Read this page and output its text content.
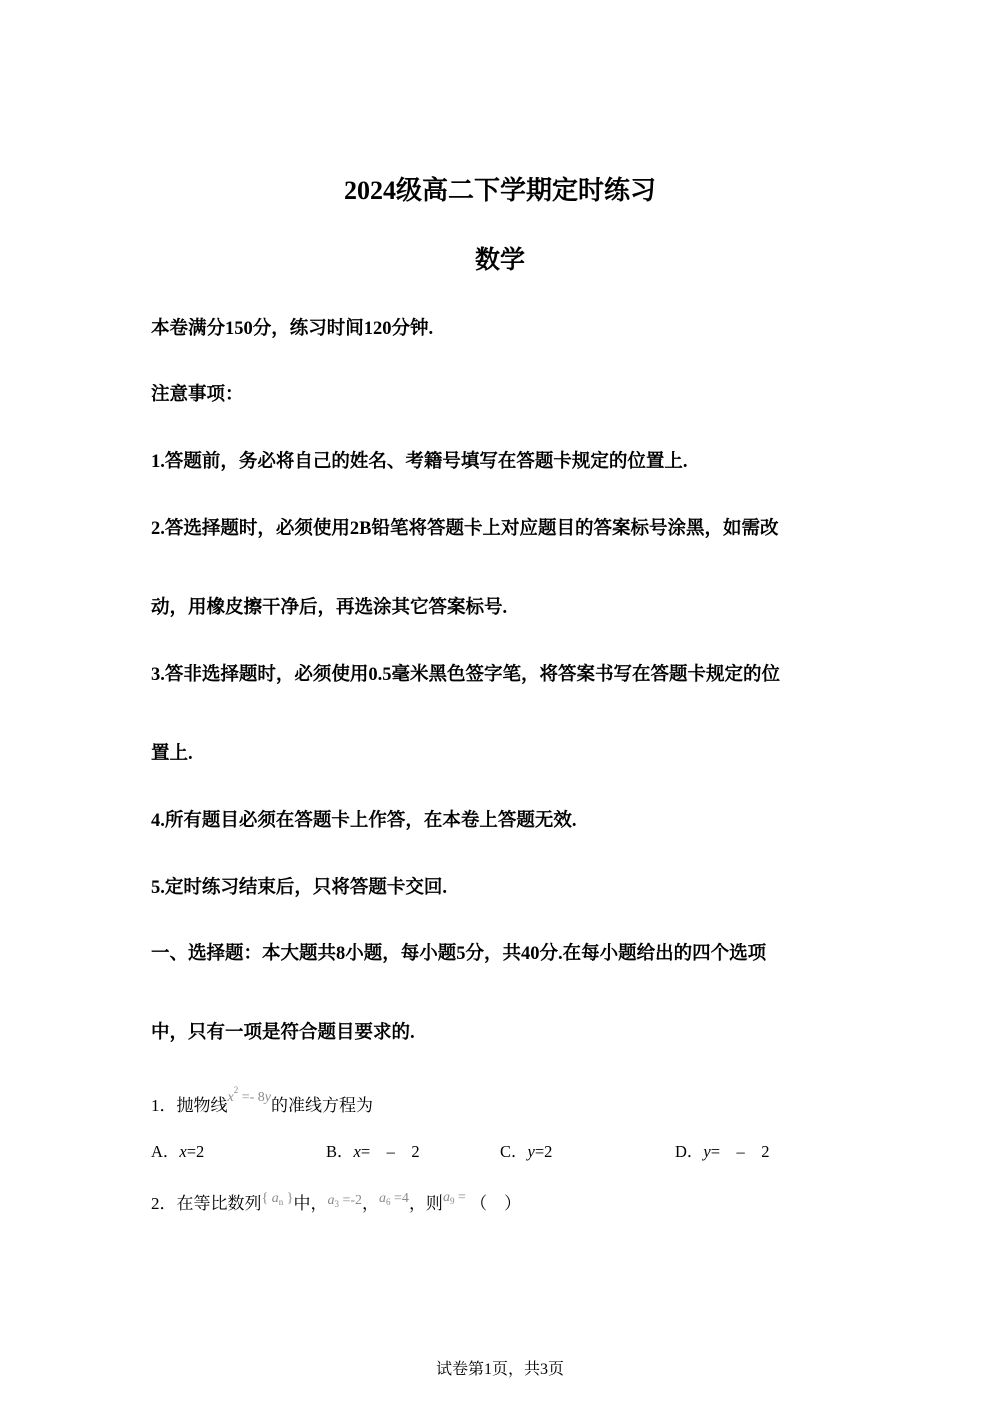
2024级高二下学期定时练习
数学
本卷满分150分，练习时间120分钟.
注意事项：
1.答题前，务必将自己的姓名、考籍号填写在答题卡规定的位置上.
2.答选择题时，必须使用2B铅笔将答题卡上对应题目的答案标号涂黑，如需改
动，用橡皮擦干净后，再选涂其它答案标号.
3.答非选择题时，必须使用0.5毫米黑色签字笔，将答案书写在答题卡规定的位
置上.
4.所有题目必须在答题卡上作答，在本卷上答题无效.
5.定时练习结束后，只将答题卡交回.
一、选择题：本大题共8小题，每小题5分，共40分.在每小题给出的四个选项
中，只有一项是符合题目要求的.
1．抛物线$^{x^2 =- 8y}$的准线方程为
A．x=2	B．x=　–　2	C．y=2	D．y=　–　2
2．在等比数列$^{\{ a_n \}}$中，$^{a_3 =-2}$，$^{a_6 =4}$，则$^{a_9 =}$ （　）
试卷第1页，共3页
